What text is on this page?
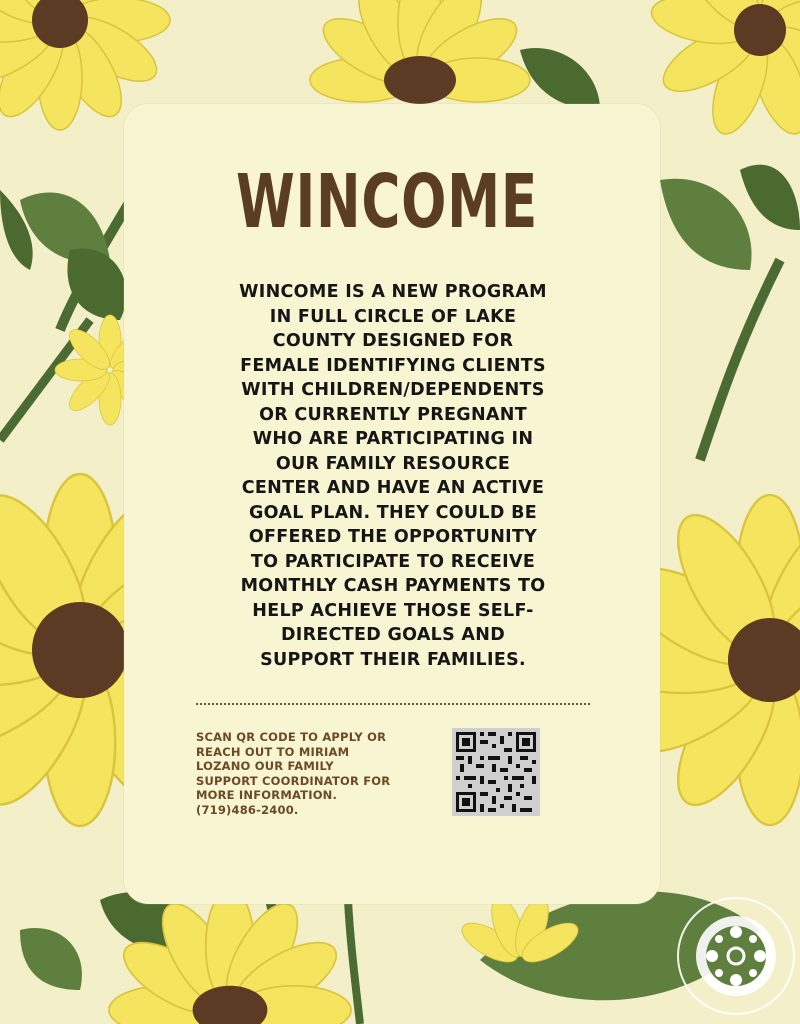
WINCOME
WINCOME IS A NEW PROGRAM
IN FULL CIRCLE OF LAKE
COUNTY DESIGNED FOR
FEMALE IDENTIFYING CLIENTS
WITH CHILDREN/DEPENDENTS
OR CURRENTLY PREGNANT
WHO ARE PARTICIPATING IN
OUR FAMILY RESOURCE
CENTER AND HAVE AN ACTIVE
GOAL PLAN. THEY COULD BE
OFFERED THE OPPORTUNITY
TO PARTICIPATE TO RECEIVE
MONTHLY CASH PAYMENTS TO
HELP ACHIEVE THOSE SELF-
DIRECTED GOALS AND
SUPPORT THEIR FAMILIES.
SCAN QR CODE TO APPLY OR
REACH OUT TO MIRIAM
LOZANO OUR FAMILY
SUPPORT COORDINATOR FOR
MORE INFORMATION.
(719)486-2400.
